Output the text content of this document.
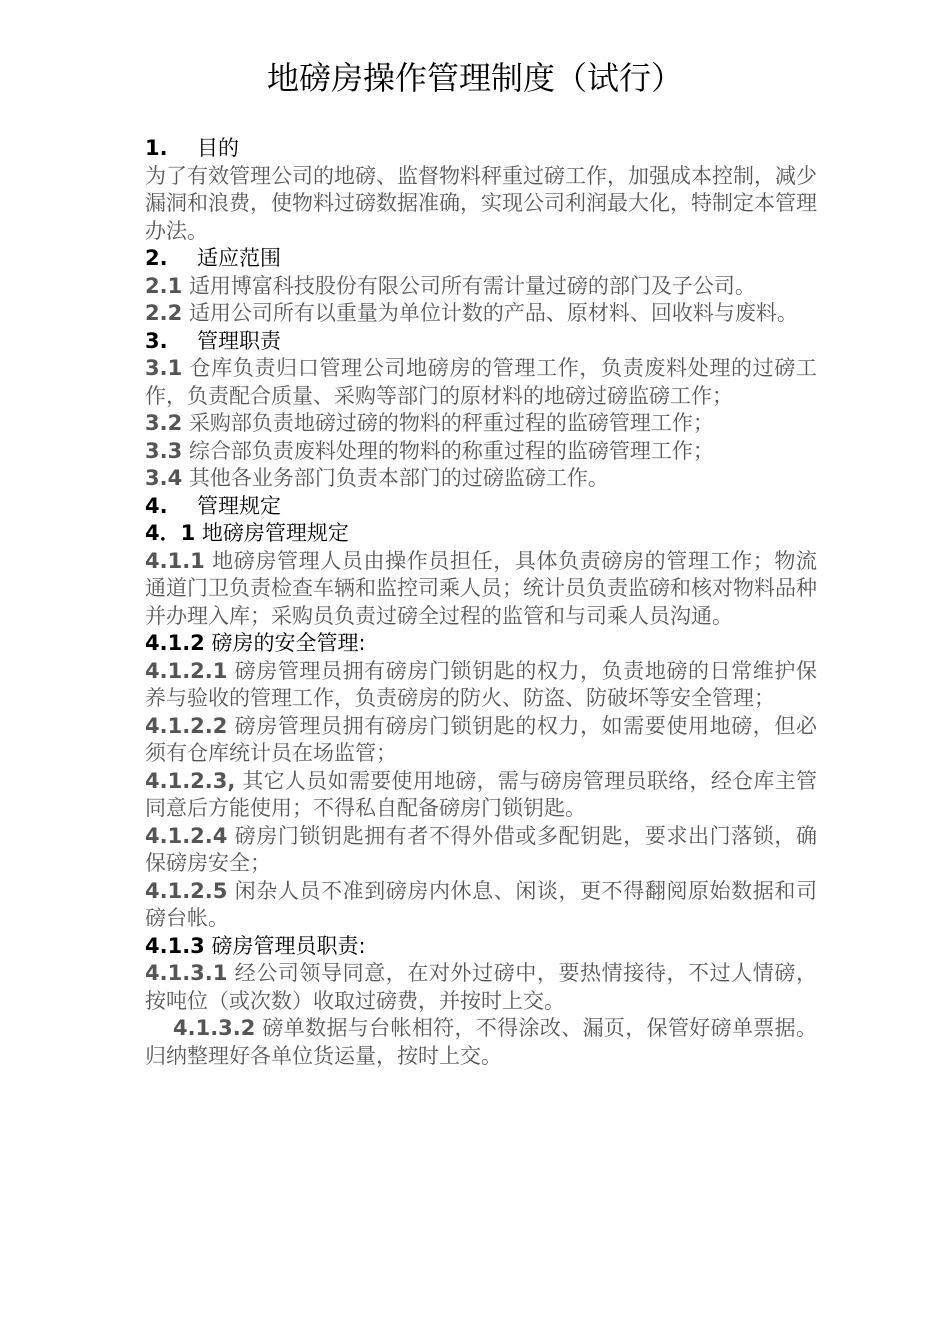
地磅房操作管理制度（试行）

1. 目的

为了有效管理公司的地磅、监督物料秤重过磅工作，加强成本控制，减少漏洞和浪费，使物料过磅数据准确，实现公司利润最大化，特制定本管理办法。

2. 适应范围

2.1 适用博富科技股份有限公司所有需计量过磅的部门及子公司。

2.2 适用公司所有以重量为单位计数的产品、原材料、回收料与废料。

3. 管理职责

3.1 仓库负责归口管理公司地磅房的管理工作，负责废料处理的过磅工作，负责配合质量、采购等部门的原材料的地磅过磅监磅工作；

3.2 采购部负责地磅过磅的物料的秤重过程的监磅管理工作；

3.3 综合部负责废料处理的物料的称重过程的监磅管理工作；

3.4 其他各业务部门负责本部门的过磅监磅工作。

4. 管理规定

4．1 地磅房管理规定

4.1.1 地磅房管理人员由操作员担任，具体负责磅房的管理工作；物流通道门卫负责检查车辆和监控司乘人员；统计员负责监磅和核对物料品种并办理入库；采购员负责过磅全过程的监管和与司乘人员沟通。

4.1.2 磅房的安全管理:

4.1.2.1 磅房管理员拥有磅房门锁钥匙的权力，负责地磅的日常维护保养与验收的管理工作，负责磅房的防火、防盗、防破坏等安全管理；

4.1.2.2 磅房管理员拥有磅房门锁钥匙的权力，如需要使用地磅，但必须有仓库统计员在场监管；

4.1.2.3, 其它人员如需要使用地磅，需与磅房管理员联络，经仓库主管同意后方能使用；不得私自配备磅房门锁钥匙。

4.1.2.4 磅房门锁钥匙拥有者不得外借或多配钥匙，要求出门落锁，确保磅房安全；

4.1.2.5 闲杂人员不准到磅房内休息、闲谈，更不得翻阅原始数据和司磅台帐。

4.1.3 磅房管理员职责:

4.1.3.1 经公司领导同意，在对外过磅中，要热情接待，不过人情磅，按吨位（或次数）收取过磅费，并按时上交。

4.1.3.2 磅单数据与台帐相符，不得涂改、漏页，保管好磅单票据。归纳整理好各单位货运量，按时上交。
